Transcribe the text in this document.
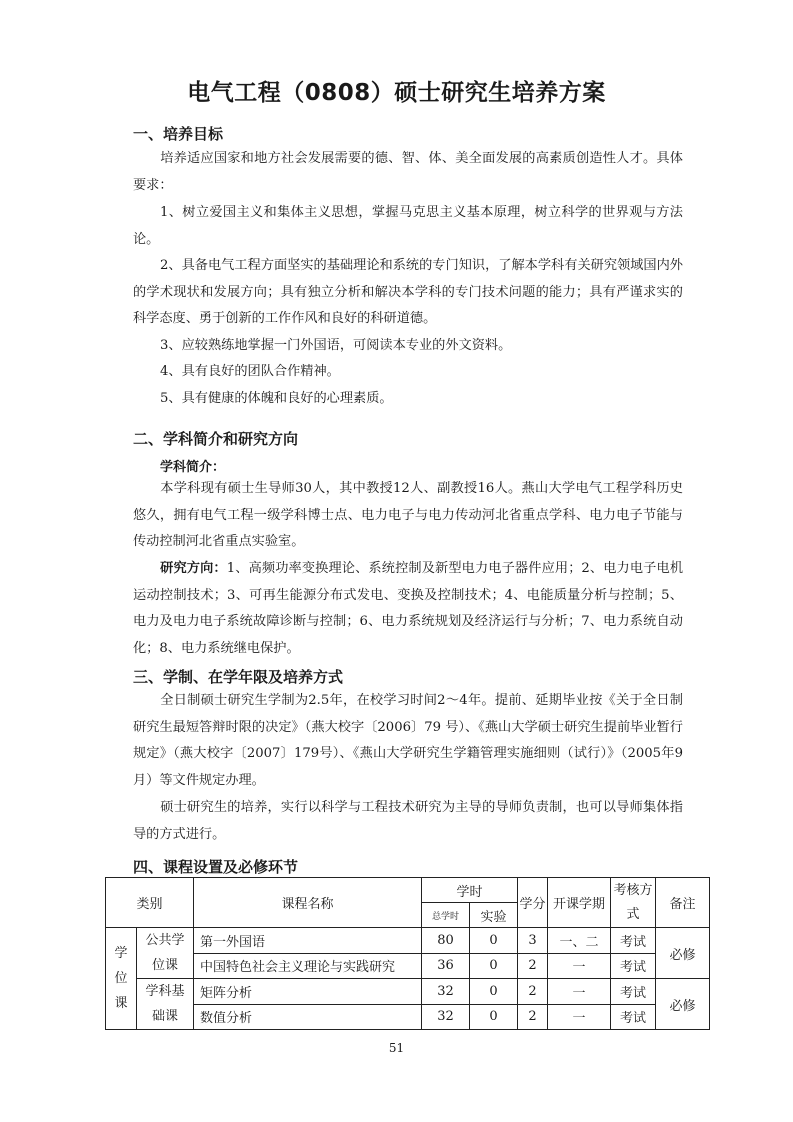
电气工程（0808）硕士研究生培养方案
一、培养目标
培养适应国家和地方社会发展需要的德、智、体、美全面发展的高素质创造性人才。具体要求：
1、树立爱国主义和集体主义思想，掌握马克思主义基本原理，树立科学的世界观与方法论。
2、具备电气工程方面坚实的基础理论和系统的专门知识，了解本学科有关研究领域国内外的学术现状和发展方向；具有独立分析和解决本学科的专门技术问题的能力；具有严谨求实的科学态度、勇于创新的工作作风和良好的科研道德。
3、应较熟练地掌握一门外国语，可阅读本专业的外文资料。
4、具有良好的团队合作精神。
5、具有健康的体魄和良好的心理素质。
二、学科简介和研究方向
学科简介：
本学科现有硕士生导师30人，其中教授12人、副教授16人。燕山大学电气工程学科历史悠久，拥有电气工程一级学科博士点、电力电子与电力传动河北省重点学科、电力电子节能与传动控制河北省重点实验室。
研究方向：1、高频功率变换理论、系统控制及新型电力电子器件应用；2、电力电子电机运动控制技术；3、可再生能源分布式发电、变换及控制技术；4、电能质量分析与控制；5、电力及电力电子系统故障诊断与控制；6、电力系统规划及经济运行与分析；7、电力系统自动化；8、电力系统继电保护。
三、学制、在学年限及培养方式
全日制硕士研究生学制为2.5年，在校学习时间2～4年。提前、延期毕业按《关于全日制研究生最短答辩时限的决定》（燕大校字〔2006〕79 号）、《燕山大学硕士研究生提前毕业暂行规定》（燕大校字〔2007〕179号）、《燕山大学研究生学籍管理实施细则（试行）》（2005年9月）等文件规定办理。
硕士研究生的培养，实行以科学与工程技术研究为主导的导师负责制，也可以导师集体指导的方式进行。
四、课程设置及必修环节
类别		课程名称	学时		学分	开课学期	考核方式	备注
			总学时	实验				
学位课	公共学位课	第一外国语	80	0	3	一、二	考试	必修
		中国特色社会主义理论与实践研究	36	0	2	一	考试	
	学科基础课	矩阵分析	32	0	2	一	考试	必修
		数值分析	32	0	2	一	考试	
51
